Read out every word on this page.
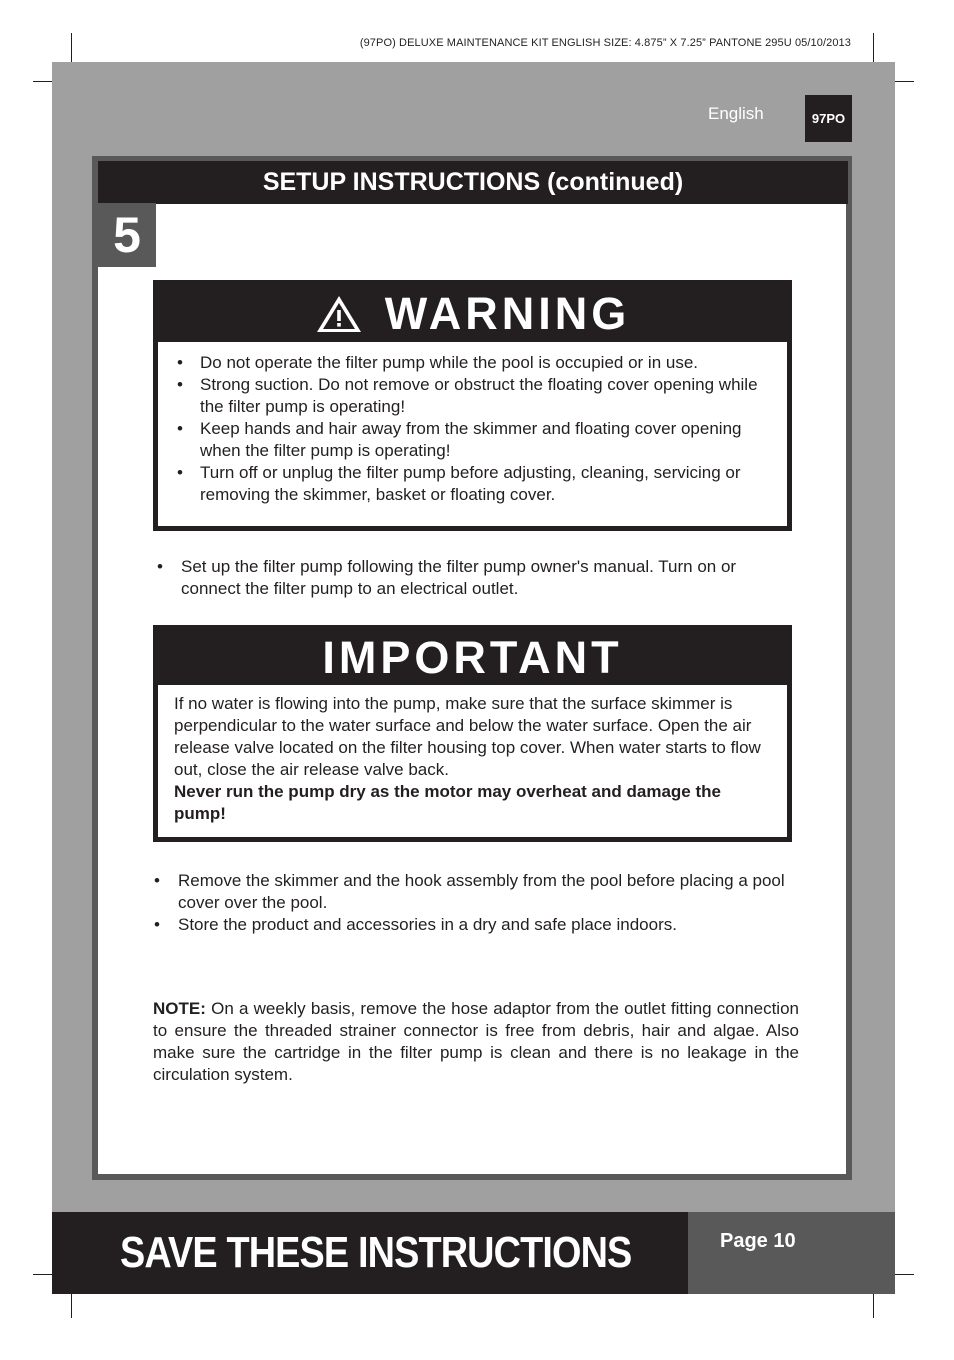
(97PO) DELUXE MAINTENANCE KIT ENGLISH SIZE: 4.875” X 7.25” PANTONE 295U 05/10/2013
English	97PO
SETUP INSTRUCTIONS (continued)
5
WARNING
• Do not operate the filter pump while the pool is occupied or in use.
• Strong suction. Do not remove or obstruct the floating cover opening while the filter pump is operating!
• Keep hands and hair away from the skimmer and floating cover opening when the filter pump is operating!
• Turn off or unplug the filter pump before adjusting, cleaning, servicing or removing the skimmer, basket or floating cover.
• Set up the filter pump following the filter pump owner's manual. Turn on or connect the filter pump to an electrical outlet.
IMPORTANT
If no water is flowing into the pump, make sure that the surface skimmer is perpendicular to the water surface and below the water surface. Open the air release valve located on the filter housing top cover. When water starts to flow out, close the air release valve back.
Never run the pump dry as the motor may overheat and damage the pump!
• Remove the skimmer and the hook assembly from the pool before placing a pool cover over the pool.
• Store the product and accessories in a dry and safe place indoors.
NOTE: On a weekly basis, remove the hose adaptor from the outlet fitting connection to ensure the threaded strainer connector is free from debris, hair and algae. Also make sure the cartridge in the filter pump is clean and there is no leakage in the circulation system.
SAVE THESE INSTRUCTIONS	Page 10
